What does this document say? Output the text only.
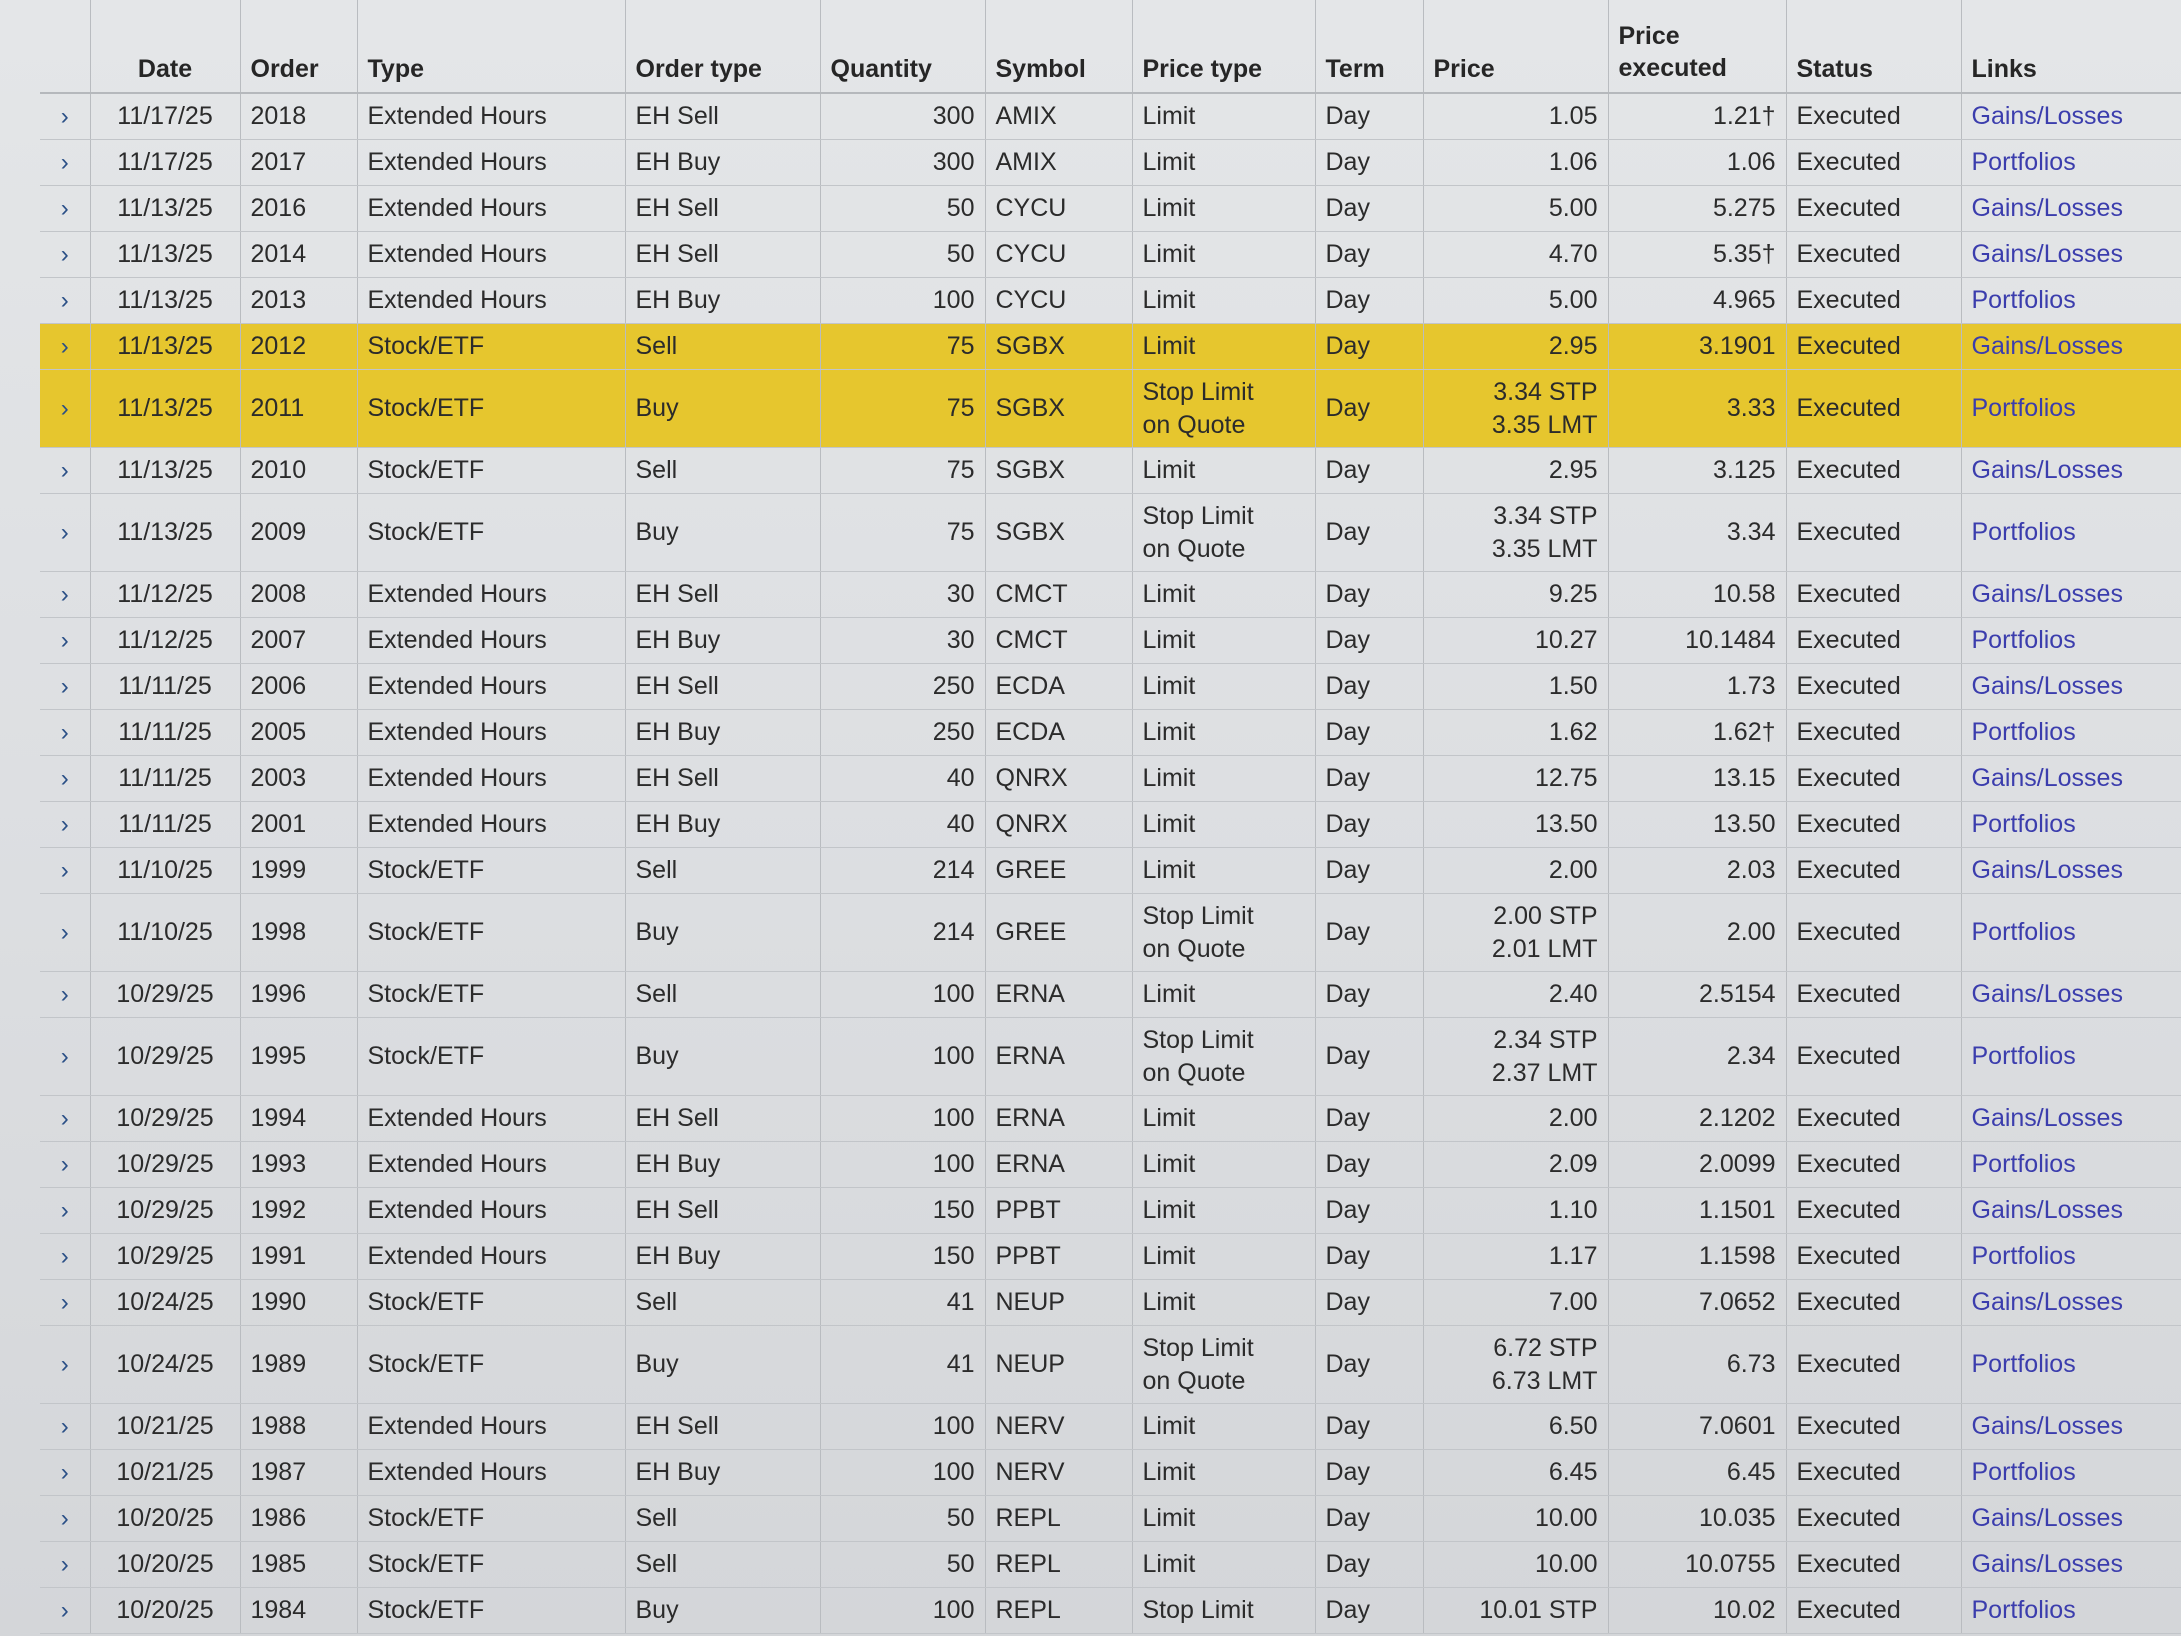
	Date	Order	Type	Order type	Quantity	Symbol	Price type	Term	Price	Price
executed	Status	Links
›	11/17/25	2018	Extended Hours	EH Sell	300	AMIX	Limit	Day	1.05	1.21†	Executed	Gains/Losses
›	11/17/25	2017	Extended Hours	EH Buy	300	AMIX	Limit	Day	1.06	1.06	Executed	Portfolios
›	11/13/25	2016	Extended Hours	EH Sell	50	CYCU	Limit	Day	5.00	5.275	Executed	Gains/Losses
›	11/13/25	2014	Extended Hours	EH Sell	50	CYCU	Limit	Day	4.70	5.35†	Executed	Gains/Losses
›	11/13/25	2013	Extended Hours	EH Buy	100	CYCU	Limit	Day	5.00	4.965	Executed	Portfolios
›	11/13/25	2012	Stock/ETF	Sell	75	SGBX	Limit	Day	2.95	3.1901	Executed	Gains/Losses
›	11/13/25	2011	Stock/ETF	Buy	75	SGBX	Stop Limit
on Quote	Day	3.34 STP
3.35 LMT	3.33	Executed	Portfolios
›	11/13/25	2010	Stock/ETF	Sell	75	SGBX	Limit	Day	2.95	3.125	Executed	Gains/Losses
›	11/13/25	2009	Stock/ETF	Buy	75	SGBX	Stop Limit
on Quote	Day	3.34 STP
3.35 LMT	3.34	Executed	Portfolios
›	11/12/25	2008	Extended Hours	EH Sell	30	CMCT	Limit	Day	9.25	10.58	Executed	Gains/Losses
›	11/12/25	2007	Extended Hours	EH Buy	30	CMCT	Limit	Day	10.27	10.1484	Executed	Portfolios
›	11/11/25	2006	Extended Hours	EH Sell	250	ECDA	Limit	Day	1.50	1.73	Executed	Gains/Losses
›	11/11/25	2005	Extended Hours	EH Buy	250	ECDA	Limit	Day	1.62	1.62†	Executed	Portfolios
›	11/11/25	2003	Extended Hours	EH Sell	40	QNRX	Limit	Day	12.75	13.15	Executed	Gains/Losses
›	11/11/25	2001	Extended Hours	EH Buy	40	QNRX	Limit	Day	13.50	13.50	Executed	Portfolios
›	11/10/25	1999	Stock/ETF	Sell	214	GREE	Limit	Day	2.00	2.03	Executed	Gains/Losses
›	11/10/25	1998	Stock/ETF	Buy	214	GREE	Stop Limit
on Quote	Day	2.00 STP
2.01 LMT	2.00	Executed	Portfolios
›	10/29/25	1996	Stock/ETF	Sell	100	ERNA	Limit	Day	2.40	2.5154	Executed	Gains/Losses
›	10/29/25	1995	Stock/ETF	Buy	100	ERNA	Stop Limit
on Quote	Day	2.34 STP
2.37 LMT	2.34	Executed	Portfolios
›	10/29/25	1994	Extended Hours	EH Sell	100	ERNA	Limit	Day	2.00	2.1202	Executed	Gains/Losses
›	10/29/25	1993	Extended Hours	EH Buy	100	ERNA	Limit	Day	2.09	2.0099	Executed	Portfolios
›	10/29/25	1992	Extended Hours	EH Sell	150	PPBT	Limit	Day	1.10	1.1501	Executed	Gains/Losses
›	10/29/25	1991	Extended Hours	EH Buy	150	PPBT	Limit	Day	1.17	1.1598	Executed	Portfolios
›	10/24/25	1990	Stock/ETF	Sell	41	NEUP	Limit	Day	7.00	7.0652	Executed	Gains/Losses
›	10/24/25	1989	Stock/ETF	Buy	41	NEUP	Stop Limit
on Quote	Day	6.72 STP
6.73 LMT	6.73	Executed	Portfolios
›	10/21/25	1988	Extended Hours	EH Sell	100	NERV	Limit	Day	6.50	7.0601	Executed	Gains/Losses
›	10/21/25	1987	Extended Hours	EH Buy	100	NERV	Limit	Day	6.45	6.45	Executed	Portfolios
›	10/20/25	1986	Stock/ETF	Sell	50	REPL	Limit	Day	10.00	10.035	Executed	Gains/Losses
›	10/20/25	1985	Stock/ETF	Sell	50	REPL	Limit	Day	10.00	10.0755	Executed	Gains/Losses
›	10/20/25	1984	Stock/ETF	Buy	100	REPL	Stop Limit	Day	10.01 STP	10.02	Executed	Portfolios
